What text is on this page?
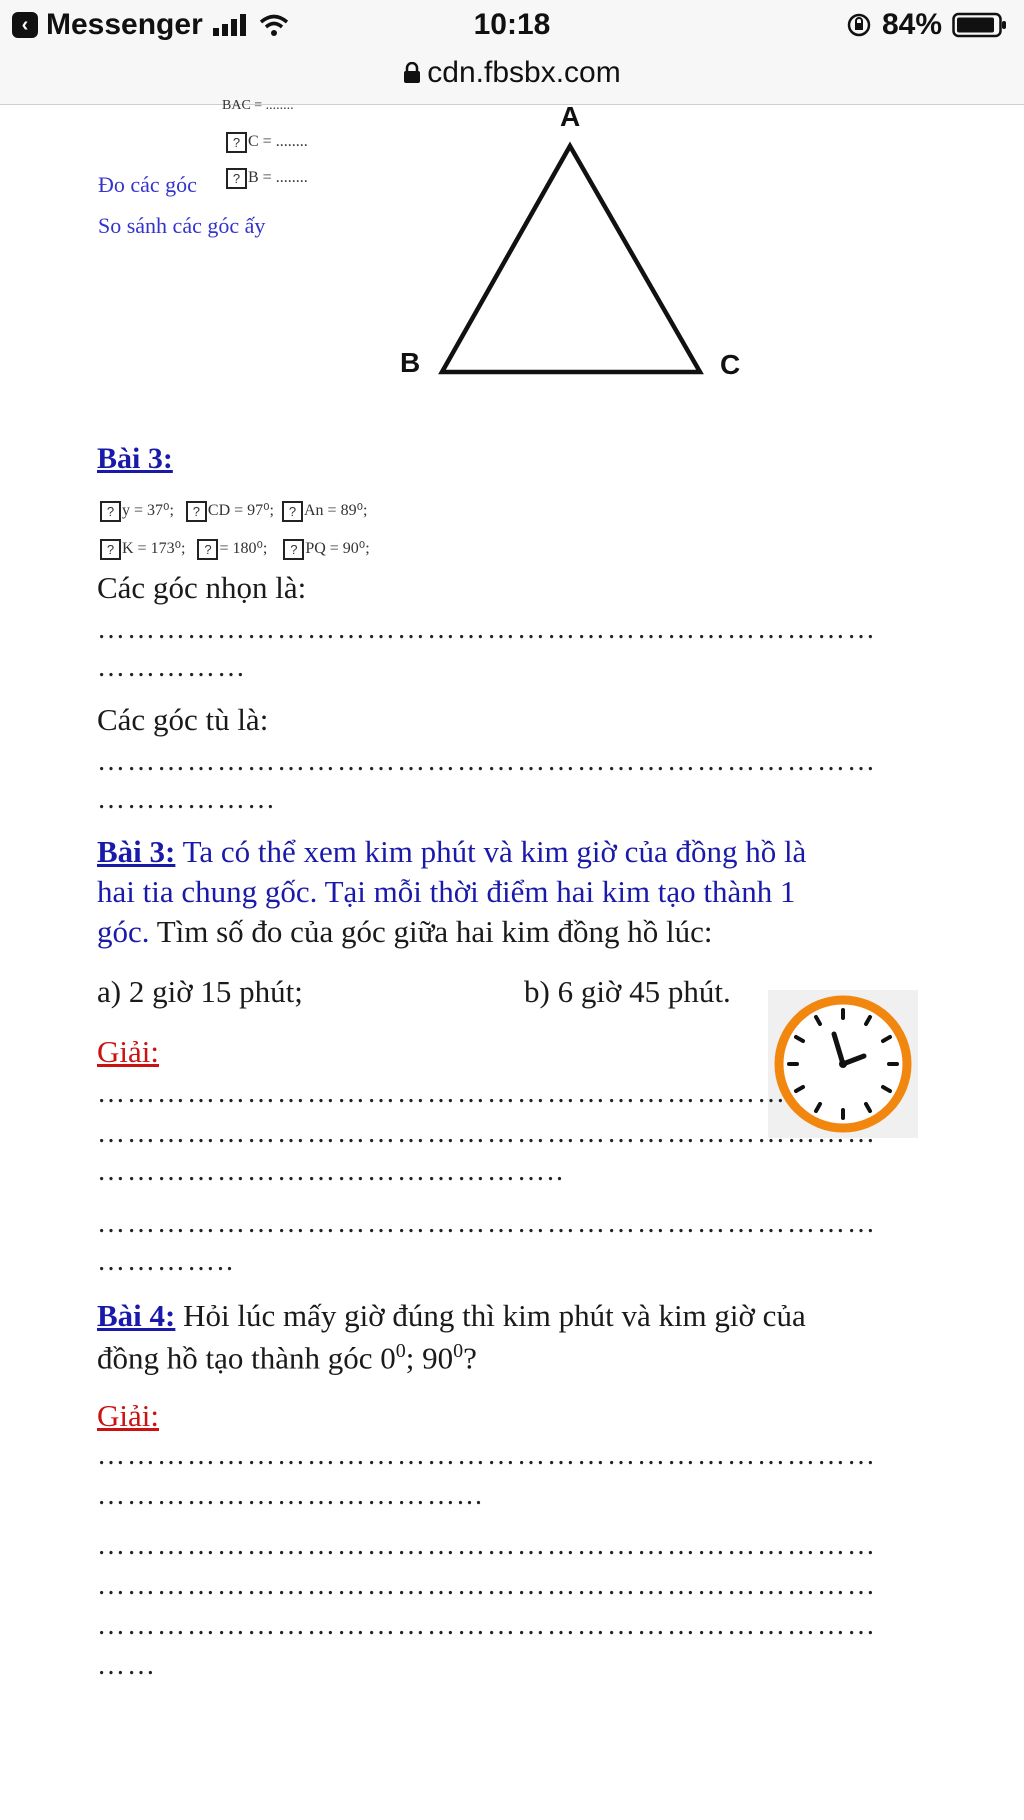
‹ Messenger	10:18	84%
cdn.fbsbx.com
BAC = ........
? C = ........
? B = ........
Đo các góc
So sánh các góc ấy
A
B	C
Bài 3:
? y = 37⁰; ? CD = 97⁰; ? An = 89⁰;
? K = 173⁰; ? = 180⁰; ? PQ = 90⁰;
Các góc nhọn là:
……………………………………………………………………
……………
Các góc tù là:
……………………………………………………………………
………………
Bài 3: Ta có thể xem kim phút và kim giờ của đồng hồ là
hai tia chung gốc. Tại mỗi thời điểm hai kim tạo thành 1
góc. Tìm số đo của góc giữa hai kim đồng hồ lúc:
a) 2 giờ 15 phút;	b) 6 giờ 45 phút.
Giải:
……………………………………………………………
……………………………………………………………………
………………………………………..
……………………………………………………………………
…………..
Bài 4: Hỏi lúc mấy giờ đúng thì kim phút và kim giờ của
đồng hồ tạo thành góc $0^0$; $90^0$?
Giải:
……………………………………………………………………
………………………………...
……………………………………………………………………
……………………………………………………………………
……………………………………………………………………
……
